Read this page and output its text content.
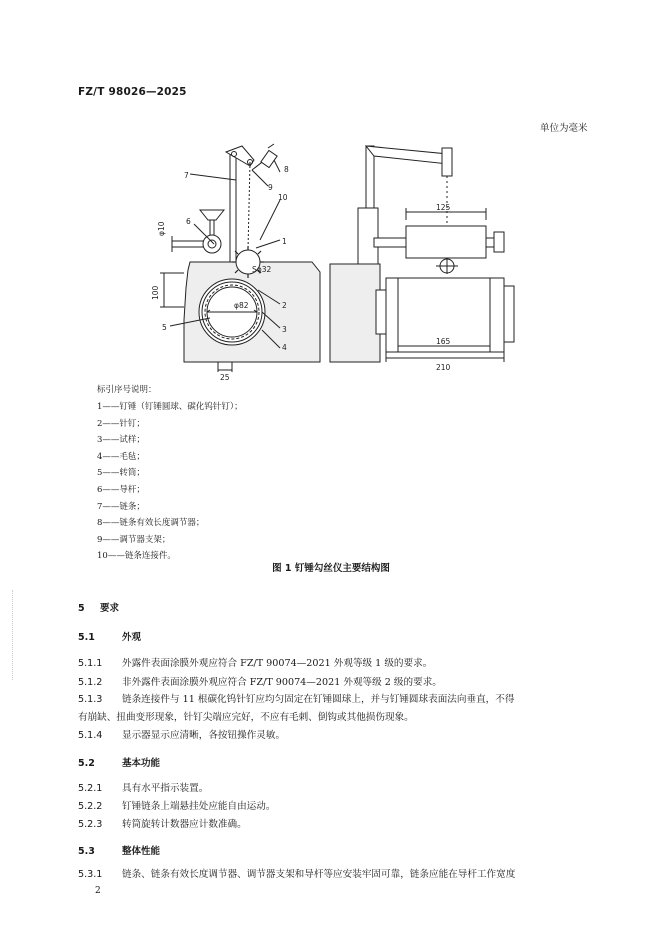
FZ/T 98026—2025
单位为毫米
φ10
100
25
φ82
Sφ32
125
165
210
1
10
7
8
9
6
2
3
4
5
标引序号说明：
1——钉锤（钉锤圆球、碳化钨针钉）；
2——针钉；
3——试样；
4——毛毡；
5——转筒；
6——导杆；
7——链条；
8——链条有效长度调节器；
9——调节器支架；
10——链条连接件。
图 1 钉锤勾丝仪主要结构图
5 要求
5.1	外观
5.1.1 外露件表面涂膜外观应符合 FZ/T 90074—2021 外观等级 1 级的要求。
5.1.2 非外露件表面涂膜外观应符合 FZ/T 90074—2021 外观等级 2 级的要求。
5.1.3 链条连接件与 11 根碳化钨针钉应均匀固定在钉锤圆球上，并与钉锤圆球表面法向垂直，不得
有崩缺、扭曲变形现象，针钉尖端应完好，不应有毛刺、倒钩或其他损伤现象。
5.1.4 显示器显示应清晰，各按钮操作灵敏。
5.2	基本功能
5.2.1 具有水平指示装置。
5.2.2 钉锤链条上端悬挂处应能自由运动。
5.2.3 转筒旋转计数器应计数准确。
5.3	整体性能
5.3.1 链条、链条有效长度调节器、调节器支架和导杆等应安装牢固可靠，链条应能在导杆工作宽度
2
